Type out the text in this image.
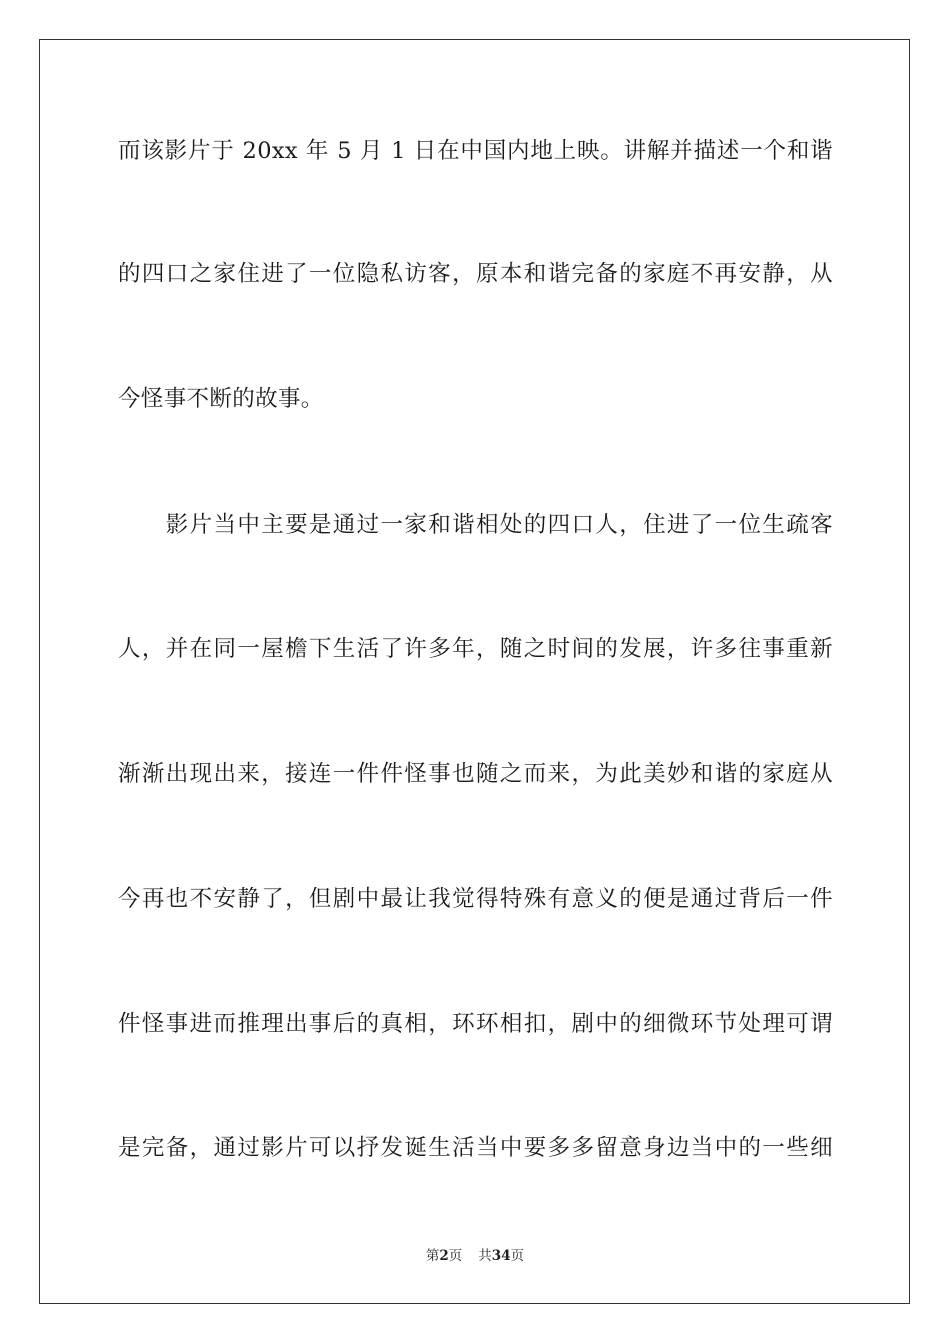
而该影片于 20xx 年 5 月 1 日在中国内地上映。讲解并描述一个和谐
的四口之家住进了一位隐私访客，原本和谐完备的家庭不再安静，从
今怪事不断的故事。
　　影片当中主要是通过一家和谐相处的四口人，住进了一位生疏客
人，并在同一屋檐下生活了许多年，随之时间的发展，许多往事重新
渐渐出现出来，接连一件件怪事也随之而来，为此美妙和谐的家庭从
今再也不安静了，但剧中最让我觉得特殊有意义的便是通过背后一件
件怪事进而推理出事后的真相，环环相扣，剧中的细微环节处理可谓
是完备，通过影片可以抒发诞生活当中要多多留意身边当中的一些细
第2页 共34页
